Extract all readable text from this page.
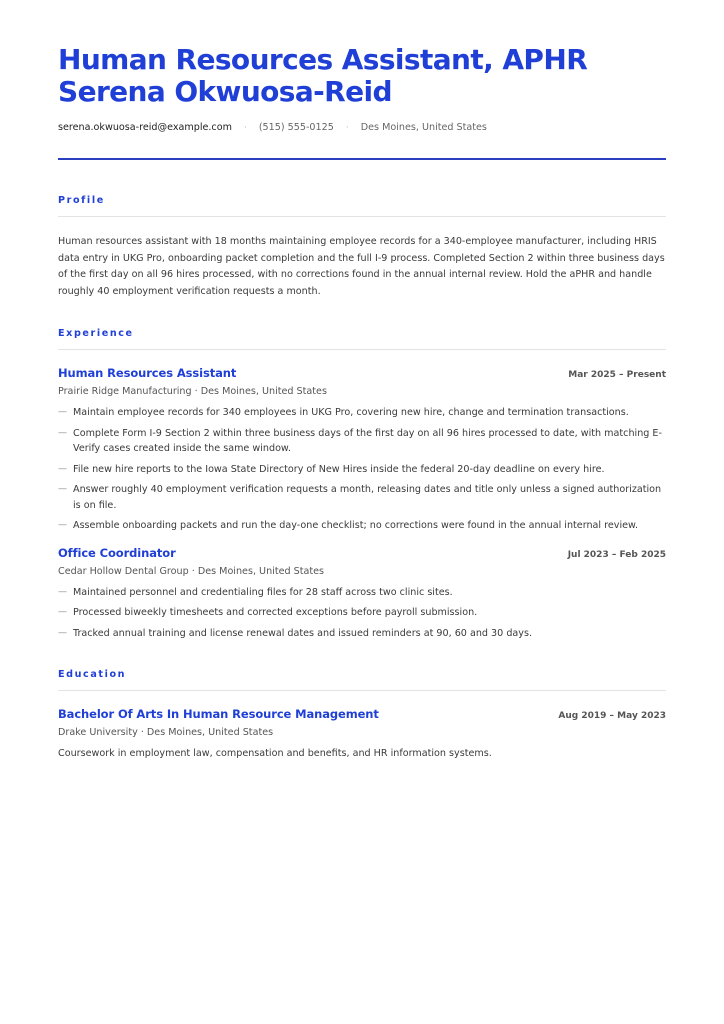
Human Resources Assistant, APHR Serena Okwuosa-Reid
serena.okwuosa-reid@example.com · (515) 555-0125 · Des Moines, United States
Profile

Human resources assistant with 18 months maintaining employee records for a 340-employee manufacturer, including HRIS data entry in UKG Pro, onboarding packet completion and the full I-9 process. Completed Section 2 within three business days of the first day on all 96 hires processed, with no corrections found in the annual internal review. Hold the aPHR and handle roughly 40 employment verification requests a month.

Experience
Human Resources Assistant	Mar 2025 – Present
Prairie Ridge Manufacturing · Des Moines, United States
— Maintain employee records for 340 employees in UKG Pro, covering new hire, change and termination transactions.
— Complete Form I-9 Section 2 within three business days of the first day on all 96 hires processed to date, with matching E-Verify cases created inside the same window.
— File new hire reports to the Iowa State Directory of New Hires inside the federal 20-day deadline on every hire.
— Answer roughly 40 employment verification requests a month, releasing dates and title only unless a signed authorization is on file.
— Assemble onboarding packets and run the day-one checklist; no corrections were found in the annual internal review.
Office Coordinator	Jul 2023 – Feb 2025
Cedar Hollow Dental Group · Des Moines, United States
— Maintained personnel and credentialing files for 28 staff across two clinic sites.
— Processed biweekly timesheets and corrected exceptions before payroll submission.
— Tracked annual training and license renewal dates and issued reminders at 90, 60 and 30 days.
Education
Bachelor Of Arts In Human Resource Management	Aug 2019 – May 2023
Drake University · Des Moines, United States
Coursework in employment law, compensation and benefits, and HR information systems.
